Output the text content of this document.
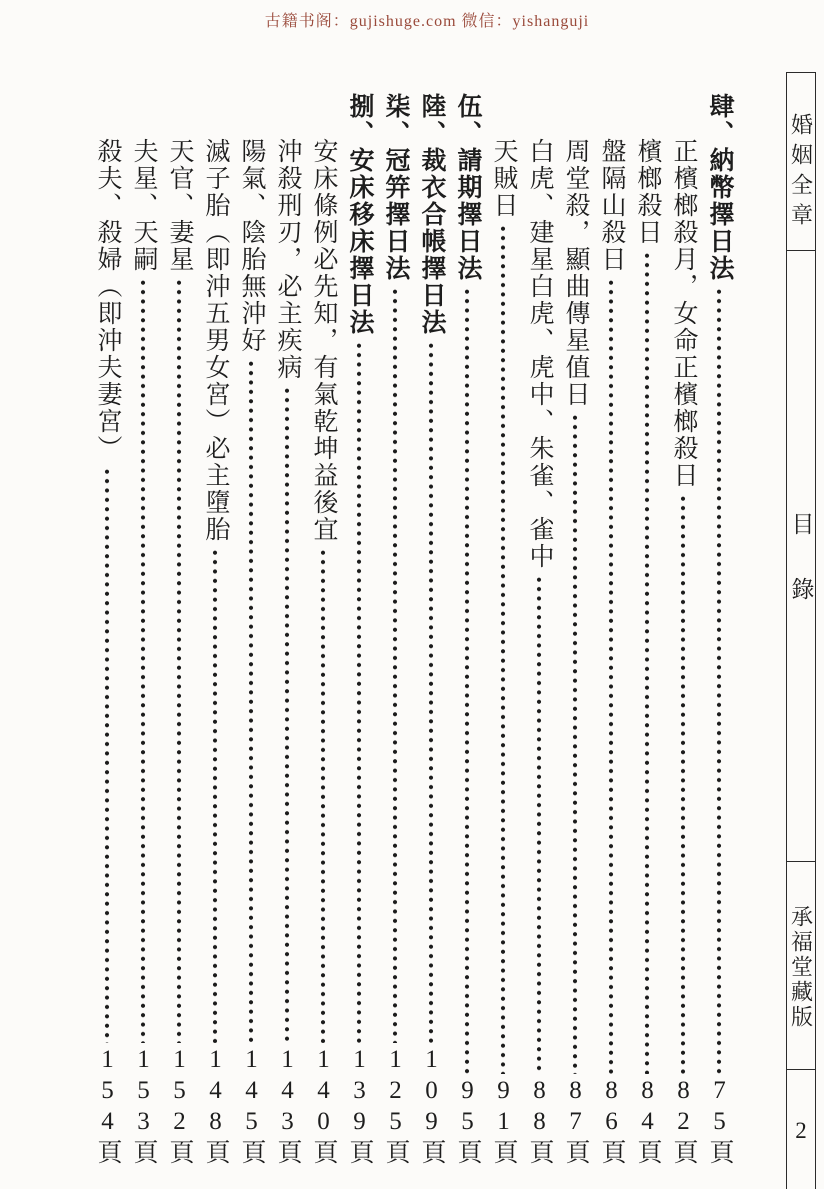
古籍书阁：gujishuge.com 微信：yishanguji
肆、納幣擇日法
75頁
正檳榔殺月，女命正檳榔殺日
82頁
檳榔殺日
84頁
盤隔山殺日
86頁
周堂殺，顯曲傳星值日
87頁
白虎、建星白虎、虎中、朱雀、雀中
88頁
天賊日
91頁
伍、請期擇日法
95頁
陸、裁衣合帳擇日法
109頁
柒、冠笄擇日法
125頁
捌、安床移床擇日法
139頁
安床條例必先知，有氣乾坤益後宜
140頁
沖殺刑刃，必主疾病
143頁
陽氣、陰胎無沖好
145頁
滅子胎（即沖五男女宮）必主墮胎
148頁
天官、妻星
152頁
夫星、天嗣
153頁
殺夫、殺婦（即沖夫妻宮）
154頁
婚姻全章
目錄
承福堂藏版
2
